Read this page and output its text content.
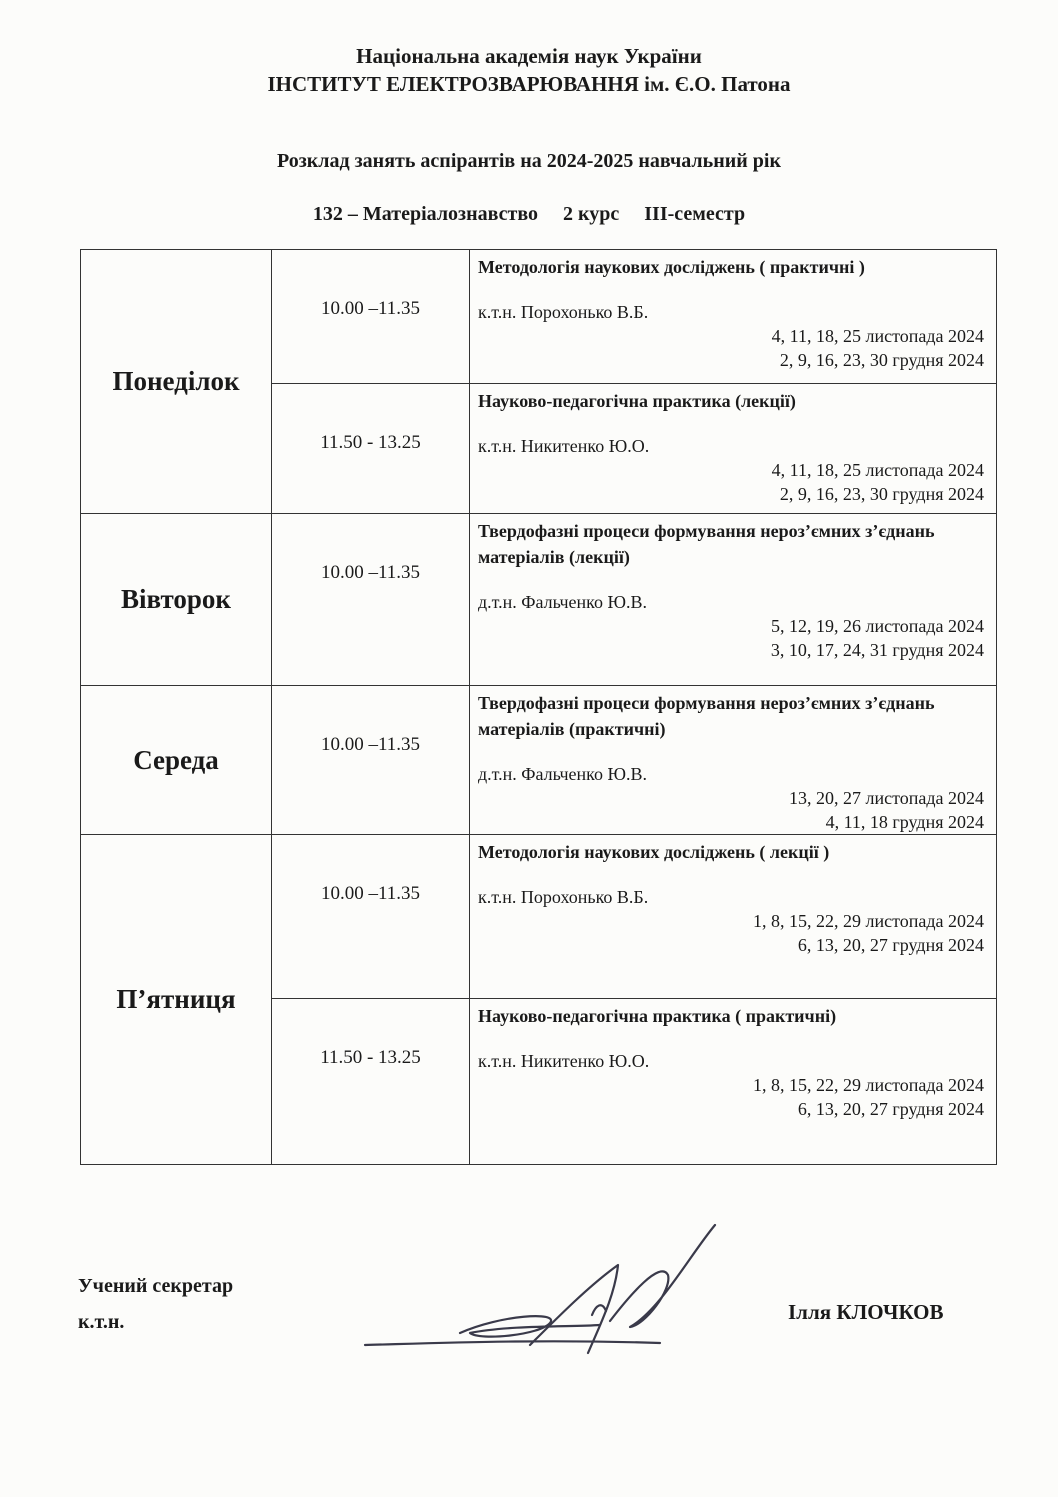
Національна академія наук України
ІНСТИТУТ ЕЛЕКТРОЗВАРЮВАННЯ ім. Є.О. Патона
Розклад занять аспірантів на 2024-2025 навчальний рік
132 – Матеріалознавство 2 курс ІІІ-семестр
Понеділок	10.00 –11.35	Методологія наукових досліджень ( практичні )
к.т.н. Порохонько В.Б.
4, 11, 18, 25 листопада 2024
2, 9, 16, 23, 30 грудня 2024

	11.50 - 13.25	Науково-педагогічна практика (лекції)
к.т.н. Никитенко Ю.О.
4, 11, 18, 25 листопада 2024
2, 9, 16, 23, 30 грудня 2024

Вівторок	10.00 –11.35	Твердофазні процеси формування нероз’ємних з’єднань матеріалів (лекції)
д.т.н. Фальченко Ю.В.
5, 12, 19, 26 листопада 2024
3, 10, 17, 24, 31 грудня 2024

Середа	10.00 –11.35	Твердофазні процеси формування нероз’ємних з’єднань матеріалів (практичні)
д.т.н. Фальченко Ю.В.
13, 20, 27 листопада 2024
4, 11, 18 грудня 2024

П’ятниця	10.00 –11.35	Методологія наукових досліджень ( лекції )
к.т.н. Порохонько В.Б.
1, 8, 15, 22, 29 листопада 2024
6, 13, 20, 27 грудня 2024

	11.50 - 13.25	Науково-педагогічна практика ( практичні)
к.т.н. Никитенко Ю.О.
1, 8, 15, 22, 29 листопада 2024
6, 13, 20, 27 грудня 2024
Учений секретар
к.т.н.	Ілля КЛОЧКОВ
